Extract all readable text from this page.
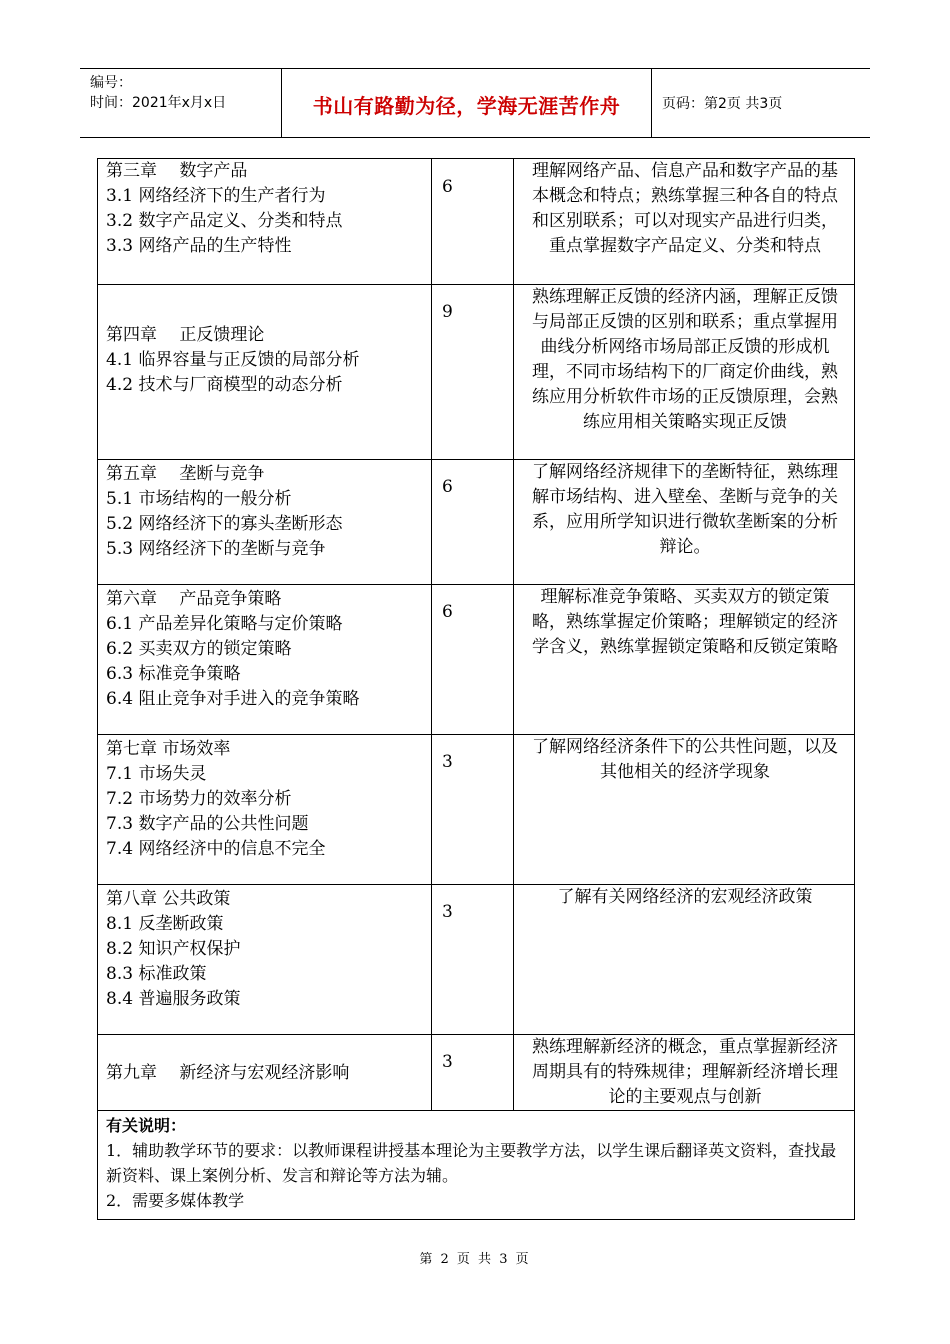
编号：
时间：2021年x月x日	书山有路勤为径，学海无涯苦作舟	页码：第2页 共3页
第三章　 数字产品
3.1 网络经济下的生产者行为
3.2 数字产品定义、分类和特点
3.3 网络产品的生产特性	6	理解网络产品、信息产品和数字产品的基本概念和特点；熟练掌握三种各自的特点和区别联系；可以对现实产品进行归类，重点掌握数字产品定义、分类和特点

第四章　 正反馈理论
4.1 临界容量与正反馈的局部分析
4.2 技术与厂商模型的动态分析	9	熟练理解正反馈的经济内涵，理解正反馈与局部正反馈的区别和联系；重点掌握用曲线分析网络市场局部正反馈的形成机理，不同市场结构下的厂商定价曲线，熟练应用分析软件市场的正反馈原理，会熟练应用相关策略实现正反馈

第五章　 垄断与竞争
5.1 市场结构的一般分析
5.2 网络经济下的寡头垄断形态
5.3 网络经济下的垄断与竞争	6	了解网络经济规律下的垄断特征，熟练理解市场结构、进入壁垒、垄断与竞争的关系，应用所学知识进行微软垄断案的分析辩论。

第六章　 产品竞争策略
6.1 产品差异化策略与定价策略
6.2 买卖双方的锁定策略
6.3 标准竞争策略
6.4 阻止竞争对手进入的竞争策略	6	理解标准竞争策略、买卖双方的锁定策略，熟练掌握定价策略；理解锁定的经济学含义，熟练掌握锁定策略和反锁定策略

第七章 市场效率
7.1 市场失灵
7.2 市场势力的效率分析
7.3 数字产品的公共性问题
7.4 网络经济中的信息不完全	3	了解网络经济条件下的公共性问题，以及其他相关的经济学现象

第八章 公共政策
8.1 反垄断政策
8.2 知识产权保护
8.3 标准政策
8.4 普遍服务政策	3	了解有关网络经济的宏观经济政策

第九章　 新经济与宏观经济影响	3	熟练理解新经济的概念，重点掌握新经济周期具有的特殊规律；理解新经济增长理论的主要观点与创新

有关说明：
1．辅助教学环节的要求：以教师课程讲授基本理论为主要教学方法，以学生课后翻译英文资料，查找最新资料、课上案例分析、发言和辩论等方法为辅。
2．需要多媒体教学		
第 2 页 共 3 页
